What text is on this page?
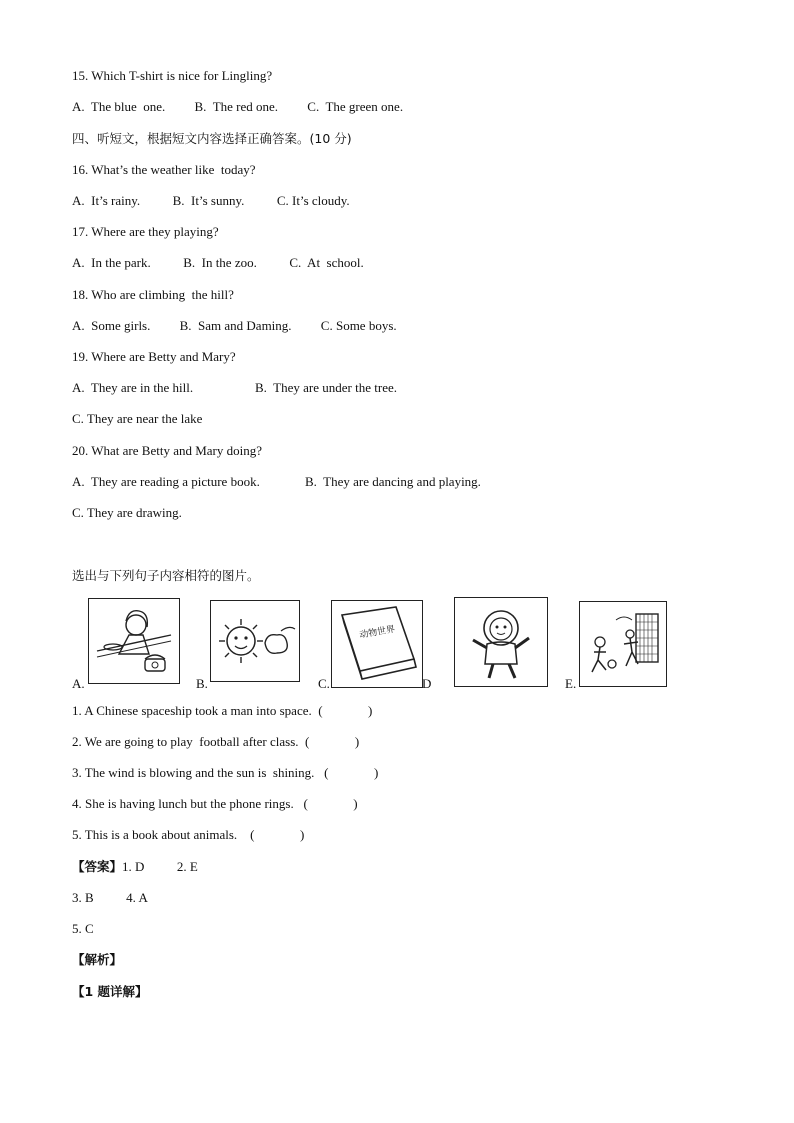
15. Which T-shirt is nice for Lingling?
A.  The blue  one.         B.  The red one.         C.  The green one.
四、听短文，根据短文内容选择正确答案。(10 分)
16. What’s the weather like  today?
A.  It’s rainy.          B.  It’s sunny.          C. It’s cloudy.
17. Where are they playing?
A.  In the park.          B.  In the zoo.          C.  At  school.
18. Who are climbing  the hill?
A.  Some girls.         B.  Sam and Daming.         C. Some boys.
19. Where are Betty and Mary?
A.  They are in the hill.	B.  They are under the tree.
C. They are near the lake
20. What are Betty and Mary doing?
A.  They are reading a picture book.	B.  They are dancing and playing.
C. They are drawing.
选出与下列句子内容相符的图片。
A.	B.
动物世界
C.	D	E.
1. A Chinese spaceship took a man into space.  (              )
2. We are going to play  football after class.  (              )
3. The wind is blowing and the sun is  shining.   (              )
4. She is having lunch but the phone rings.   (              )
5. This is a book about animals.    (              )
【答案】1. D          2. E
3. B          4. A
5. C
【解析】
【1 题详解】
